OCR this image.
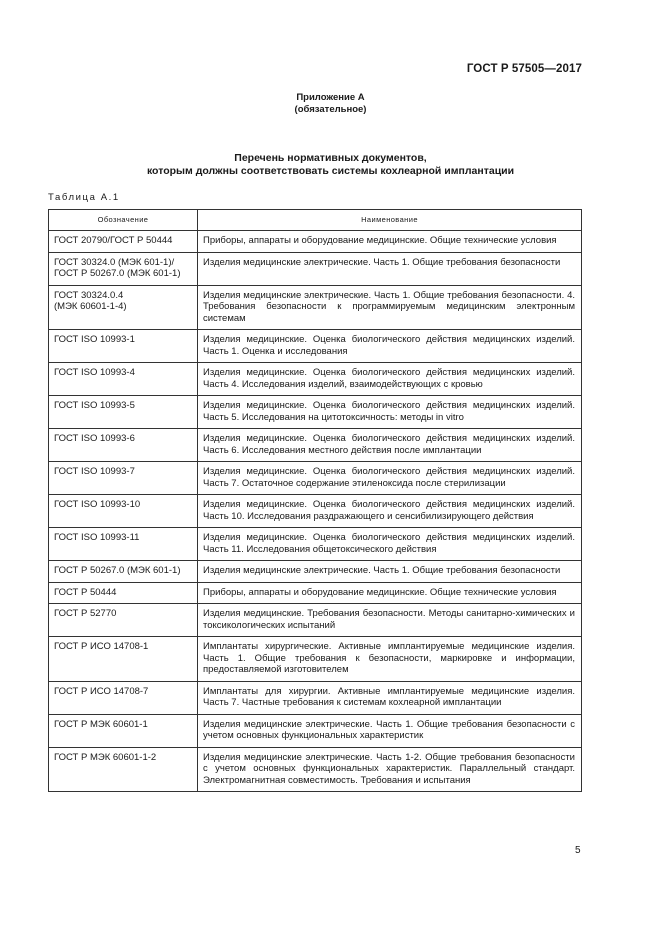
ГОСТ Р 57505—2017
Приложение А
(обязательное)
Перечень нормативных документов,
которым должны соответствовать системы кохлеарной имплантации
Таблица А.1
Обозначение	Наименование
ГОСТ 20790/ГОСТ Р 50444	Приборы, аппараты и оборудование медицинские. Общие технические условия
ГОСТ 30324.0 (МЭК 601-1)/
ГОСТ Р 50267.0 (МЭК 601-1)	Изделия медицинские электрические. Часть 1. Общие требования безопасности
ГОСТ 30324.0.4
(МЭК 60601-1-4)	Изделия медицинские электрические. Часть 1. Общие требования безопасности. 4. Требования безопасности к программируемым медицинским электронным системам
ГОСТ ISO 10993-1	Изделия медицинские. Оценка биологического действия медицинских изделий. Часть 1. Оценка и исследования
ГОСТ ISO 10993-4	Изделия медицинские. Оценка биологического действия медицинских изделий. Часть 4. Исследования изделий, взаимодействующих с кровью
ГОСТ ISO 10993-5	Изделия медицинские. Оценка биологического действия медицинских изделий. Часть 5. Исследования на цитотоксичность: методы in vitro
ГОСТ ISO 10993-6	Изделия медицинские. Оценка биологического действия медицинских изделий. Часть 6. Исследования местного действия после имплантации
ГОСТ ISO 10993-7	Изделия медицинские. Оценка биологического действия медицинских изделий. Часть 7. Остаточное содержание этиленоксида после стерилизации
ГОСТ ISO 10993-10	Изделия медицинские. Оценка биологического действия медицинских изделий. Часть 10. Исследования раздражающего и сенсибилизирующего действия
ГОСТ ISO 10993-11	Изделия медицинские. Оценка биологического действия медицинских изделий. Часть 11. Исследования общетоксического действия
ГОСТ Р 50267.0 (МЭК 601-1)	Изделия медицинские электрические. Часть 1. Общие требования безопасности
ГОСТ Р 50444	Приборы, аппараты и оборудование медицинские. Общие технические условия
ГОСТ Р 52770	Изделия медицинские. Требования безопасности. Методы санитарно-химических и токсикологических испытаний
ГОСТ Р ИСО 14708-1	Имплантаты хирургические. Активные имплантируемые медицинские изделия. Часть 1. Общие требования к безопасности, маркировке и информации, предоставляемой изготовителем
ГОСТ Р ИСО 14708-7	Имплантаты для хирургии. Активные имплантируемые медицинские изделия. Часть 7. Частные требования к системам кохлеарной имплантации
ГОСТ Р МЭК 60601-1	Изделия медицинские электрические. Часть 1. Общие требования безопасности с учетом основных функциональных характеристик
ГОСТ Р МЭК 60601-1-2	Изделия медицинские электрические. Часть 1-2. Общие требования безопасности с учетом основных функциональных характеристик. Параллельный стандарт. Электромагнитная совместимость. Требования и испытания
5
